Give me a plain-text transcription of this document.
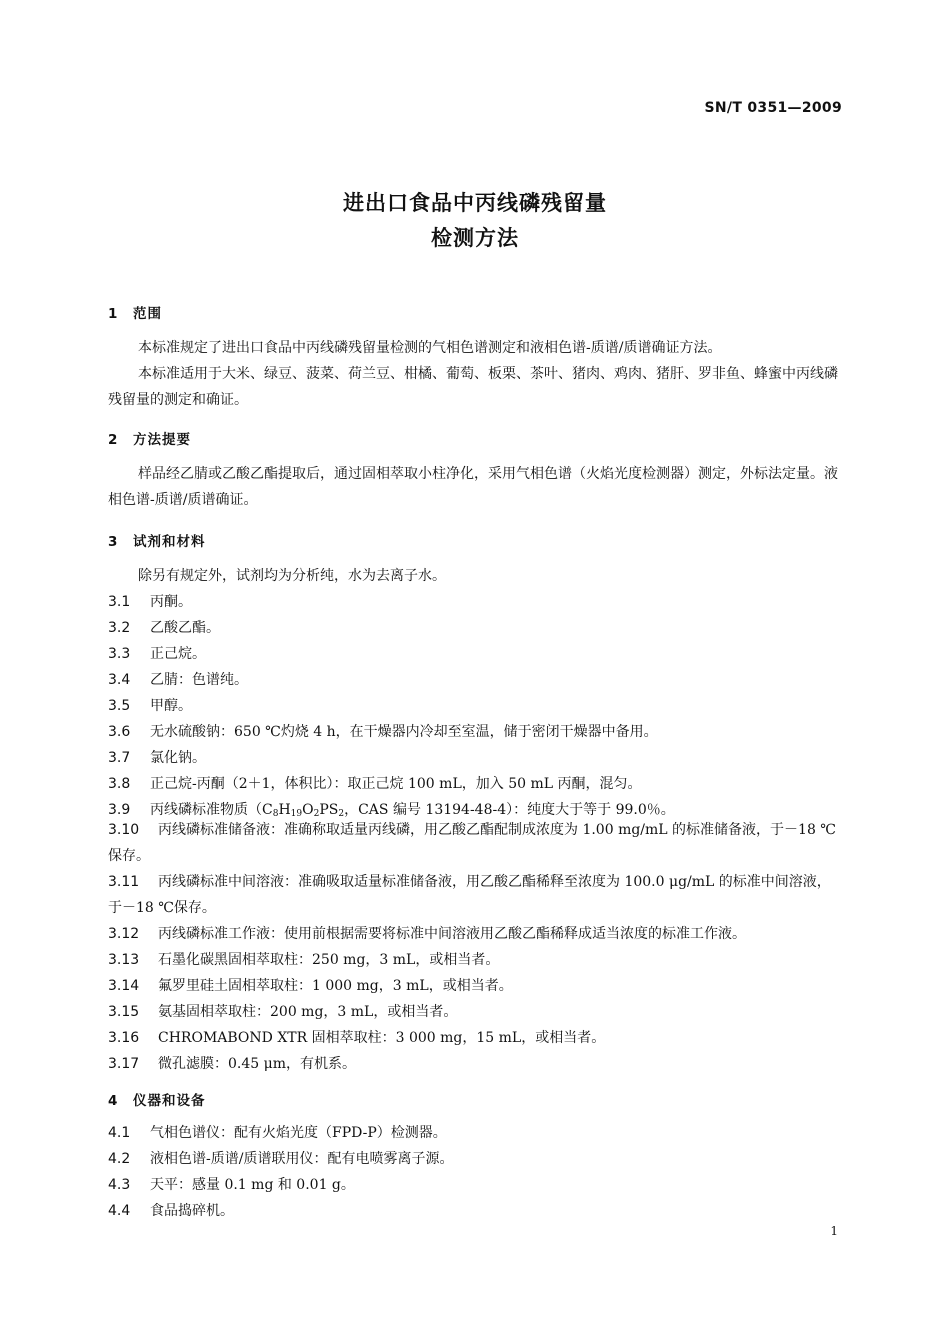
SN/T 0351—2009
进出口食品中丙线磷残留量
检测方法
1 范围
本标准规定了进出口食品中丙线磷残留量检测的气相色谱测定和液相色谱-质谱/质谱确证方法。
本标准适用于大米、绿豆、菠菜、荷兰豆、柑橘、葡萄、板栗、茶叶、猪肉、鸡肉、猪肝、罗非鱼、蜂蜜中丙线磷残留量的测定和确证。
2 方法提要
样品经乙腈或乙酸乙酯提取后，通过固相萃取小柱净化，采用气相色谱（火焰光度检测器）测定，外标法定量。液相色谱-质谱/质谱确证。
3 试剂和材料
除另有规定外，试剂均为分析纯，水为去离子水。
3.1 丙酮。
3.2 乙酸乙酯。
3.3 正己烷。
3.4 乙腈：色谱纯。
3.5 甲醇。
3.6 无水硫酸钠：650 ℃灼烧 4 h，在干燥器内冷却至室温，储于密闭干燥器中备用。
3.7 氯化钠。
3.8 正己烷-丙酮（2＋1，体积比）：取正己烷 100 mL，加入 50 mL 丙酮，混匀。
3.9 丙线磷标准物质（$C_8H_{19}O_2PS_2$，CAS 编号 13194-48-4）：纯度大于等于 99.0％。
3.10 丙线磷标准储备液：准确称取适量丙线磷，用乙酸乙酯配制成浓度为 1.00 mg/mL 的标准储备液，于－18 ℃保存。
3.11 丙线磷标准中间溶液：准确吸取适量标准储备液，用乙酸乙酯稀释至浓度为 100.0 μg/mL 的标准中间溶液，于－18 ℃保存。
3.12 丙线磷标准工作液：使用前根据需要将标准中间溶液用乙酸乙酯稀释成适当浓度的标准工作液。
3.13 石墨化碳黑固相萃取柱：250 mg，3 mL，或相当者。
3.14 氟罗里硅土固相萃取柱：1 000 mg，3 mL，或相当者。
3.15 氨基固相萃取柱：200 mg，3 mL，或相当者。
3.16 CHROMABOND XTR 固相萃取柱：3 000 mg，15 mL，或相当者。
3.17 微孔滤膜：0.45 μm，有机系。
4 仪器和设备
4.1 气相色谱仪：配有火焰光度（FPD-P）检测器。
4.2 液相色谱-质谱/质谱联用仪：配有电喷雾离子源。
4.3 天平：感量 0.1 mg 和 0.01 g。
4.4 食品捣碎机。
1
